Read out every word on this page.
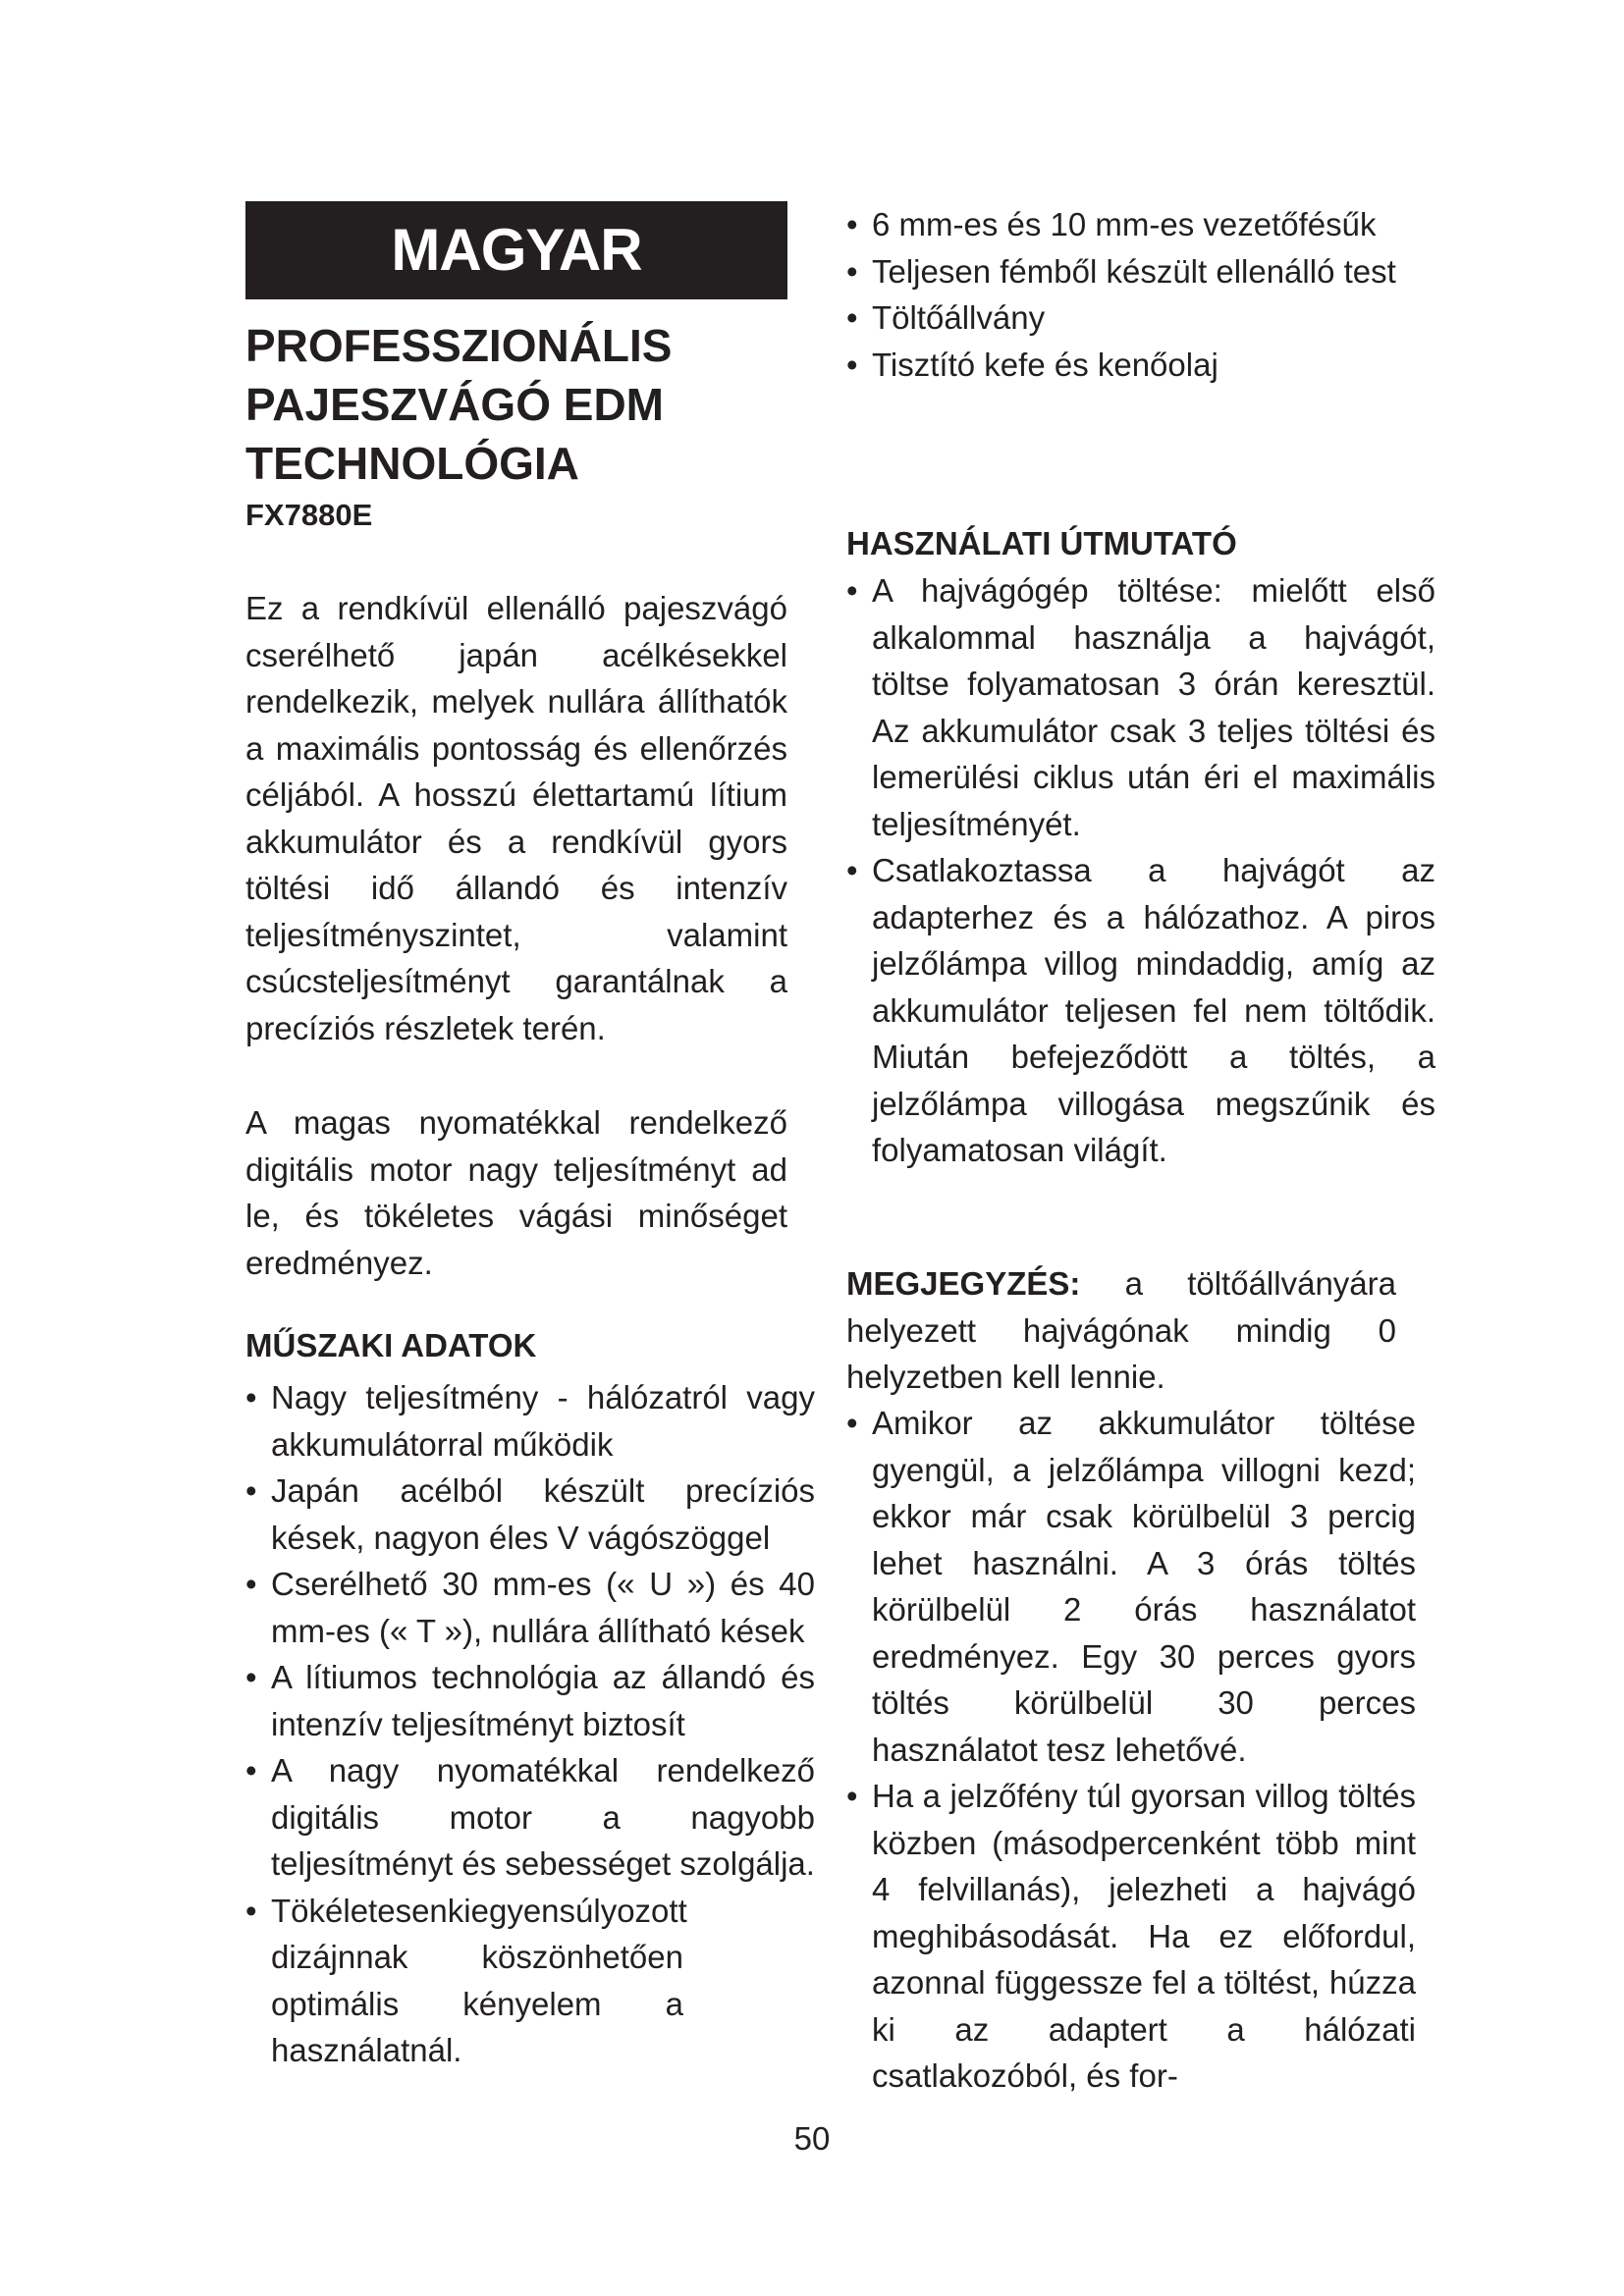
MAGYAR
PROFESSZIONÁLIS
PAJESZVÁGÓ EDM
TECHNOLÓGIA

FX7880E

Ez a rendkívül ellenálló pajeszvágó cserélhető japán acélkésekkel rendelkezik, melyek nullára állíthatók a maximális pontosság és ellenőrzés céljából. A hosszú élettartamú lítium akkumulátor és a rendkívül gyors töltési idő állandó és intenzív teljesítményszintet, valamint csúcsteljesítményt garantálnak a precíziós részletek terén.

A magas nyomatékkal rendelkező digitális motor nagy teljesítményt ad le, és tökéletes vágási minőséget eredményez.

MŰSZAKI ADATOK
• Nagy teljesítmény - hálózatról vagy akkumulátorral működik
• Japán acélból készült precíziós kések, nagyon éles V vágószöggel
• Cserélhető 30 mm-es (« U ») és 40 mm-es (« T »), nullára állítható kések
• A lítiumos technológia az állandó és intenzív teljesítményt biztosít
• A nagy nyomatékkal rendelkező digitális motor a nagyobb teljesítményt és sebességet szolgálja.
• Tökéletesenkiegyensúlyozott dizájnnak köszönhetően optimális kényelem a használatnál.
• 6 mm-es és 10 mm-es vezetőfésűk
• Teljesen fémből készült ellenálló test
• Töltőállvány
• Tisztító kefe és kenőolaj
HASZNÁLATI ÚTMUTATÓ
• A hajvágógép töltése: mielőtt első alkalommal használja a hajvágót, töltse folyamatosan 3 órán keresztül. Az akkumulátor csak 3 teljes töltési és lemerülési ciklus után éri el maximális teljesítményét.
• Csatlakoztassa a hajvágót az adapterhez és a hálózathoz. A piros jelzőlámpa villog mindaddig, amíg az akkumulátor teljesen fel nem töltődik. Miután befejeződött a töltés, a jelzőlámpa villogása megszűnik és folyamatosan világít.

MEGJEGYZÉS: a töltőállványára helyezett hajvágónak mindig 0 helyzetben kell lennie.

• Amikor az akkumulátor töltése gyengül, a jelzőlámpa villogni kezd; ekkor már csak körülbelül 3 percig lehet használni. A 3 órás töltés körülbelül 2 órás használatot eredményez. Egy 30 perces gyors töltés körülbelül 30 perces használatot tesz lehetővé.
• Ha a jelzőfény túl gyorsan villog töltés közben (másodpercenként több mint 4 felvillanás), jelezheti a hajvágó meghibásodását. Ha ez előfordul, azonnal függessze fel a töltést, húzza ki az adaptert a hálózati csatlakozóból, és for-
50
